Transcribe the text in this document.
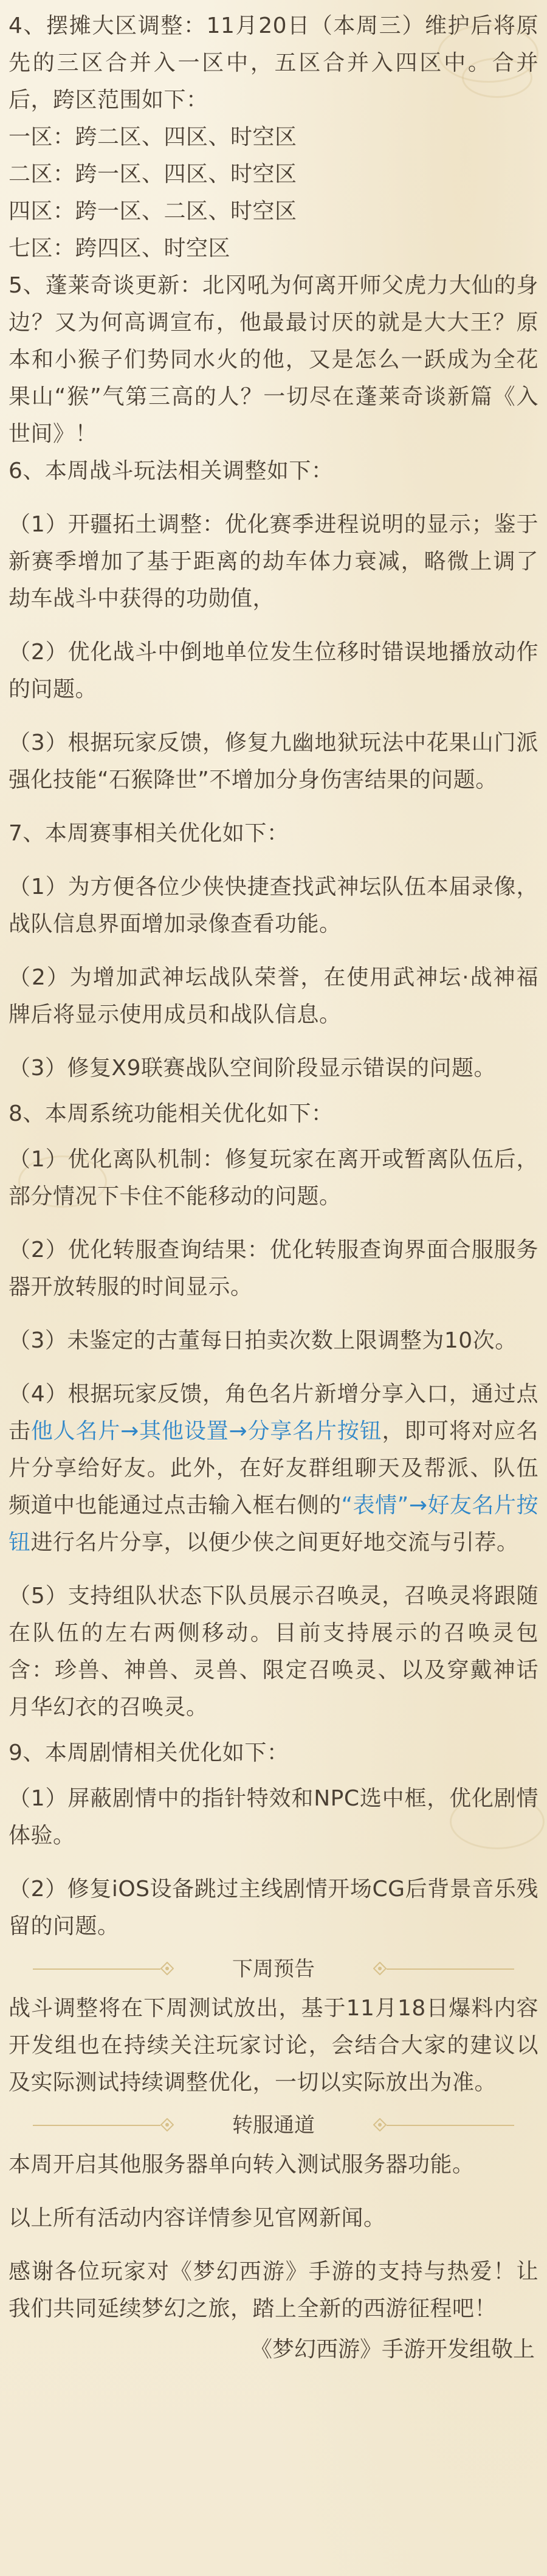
4、摆摊大区调整：11月20日（本周三）维护后将原先的三区合并入一区中，五区合并入四区中。合并后，跨区范围如下：

一区：跨二区、四区、时空区

二区：跨一区、四区、时空区

四区：跨一区、二区、时空区

七区：跨四区、时空区

5、蓬莱奇谈更新：北冈吼为何离开师父虎力大仙的身边？又为何高调宣布，他最最讨厌的就是大大王？原本和小猴子们势同水火的他，又是怎么一跃成为全花果山“猴”气第三高的人？一切尽在蓬莱奇谈新篇《入世间》！

6、本周战斗玩法相关调整如下：

（1）开疆拓土调整：优化赛季进程说明的显示；鉴于新赛季增加了基于距离的劫车体力衰减，略微上调了劫车战斗中获得的功勋值，

（2）优化战斗中倒地单位发生位移时错误地播放动作的问题。

（3）根据玩家反馈，修复九幽地狱玩法中花果山门派强化技能“石猴降世”不增加分身伤害结果的问题。

7、本周赛事相关优化如下：

（1）为方便各位少侠快捷查找武神坛队伍本届录像，战队信息界面增加录像查看功能。

（2）为增加武神坛战队荣誉，在使用武神坛·战神福牌后将显示使用成员和战队信息。

（3）修复X9联赛战队空间阶段显示错误的问题。

8、本周系统功能相关优化如下：

（1）优化离队机制：修复玩家在离开或暂离队伍后，部分情况下卡住不能移动的问题。

（2）优化转服查询结果：优化转服查询界面合服服务器开放转服的时间显示。

（3）未鉴定的古董每日拍卖次数上限调整为10次。

（4）根据玩家反馈，角色名片新增分享入口，通过点击他人名片→其他设置→分享名片按钮，即可将对应名片分享给好友。此外，在好友群组聊天及帮派、队伍频道中也能通过点击输入框右侧的“表情”→好友名片按钮进行名片分享，以便少侠之间更好地交流与引荐。

（5）支持组队状态下队员展示召唤灵，召唤灵将跟随在队伍的左右两侧移动。目前支持展示的召唤灵包含：珍兽、神兽、灵兽、限定召唤灵、以及穿戴神话月华幻衣的召唤灵。

9、本周剧情相关优化如下：

（1）屏蔽剧情中的指针特效和NPC选中框，优化剧情体验。

（2）修复iOS设备跳过主线剧情开场CG后背景音乐残留的问题。

下周预告

战斗调整将在下周测试放出，基于11月18日爆料内容开发组也在持续关注玩家讨论，会结合大家的建议以及实际测试持续调整优化，一切以实际放出为准。

转服通道

本周开启其他服务器单向转入测试服务器功能。

以上所有活动内容详情参见官网新闻。

感谢各位玩家对《梦幻西游》手游的支持与热爱！让我们共同延续梦幻之旅，踏上全新的西游征程吧！

《梦幻西游》手游开发组敬上
